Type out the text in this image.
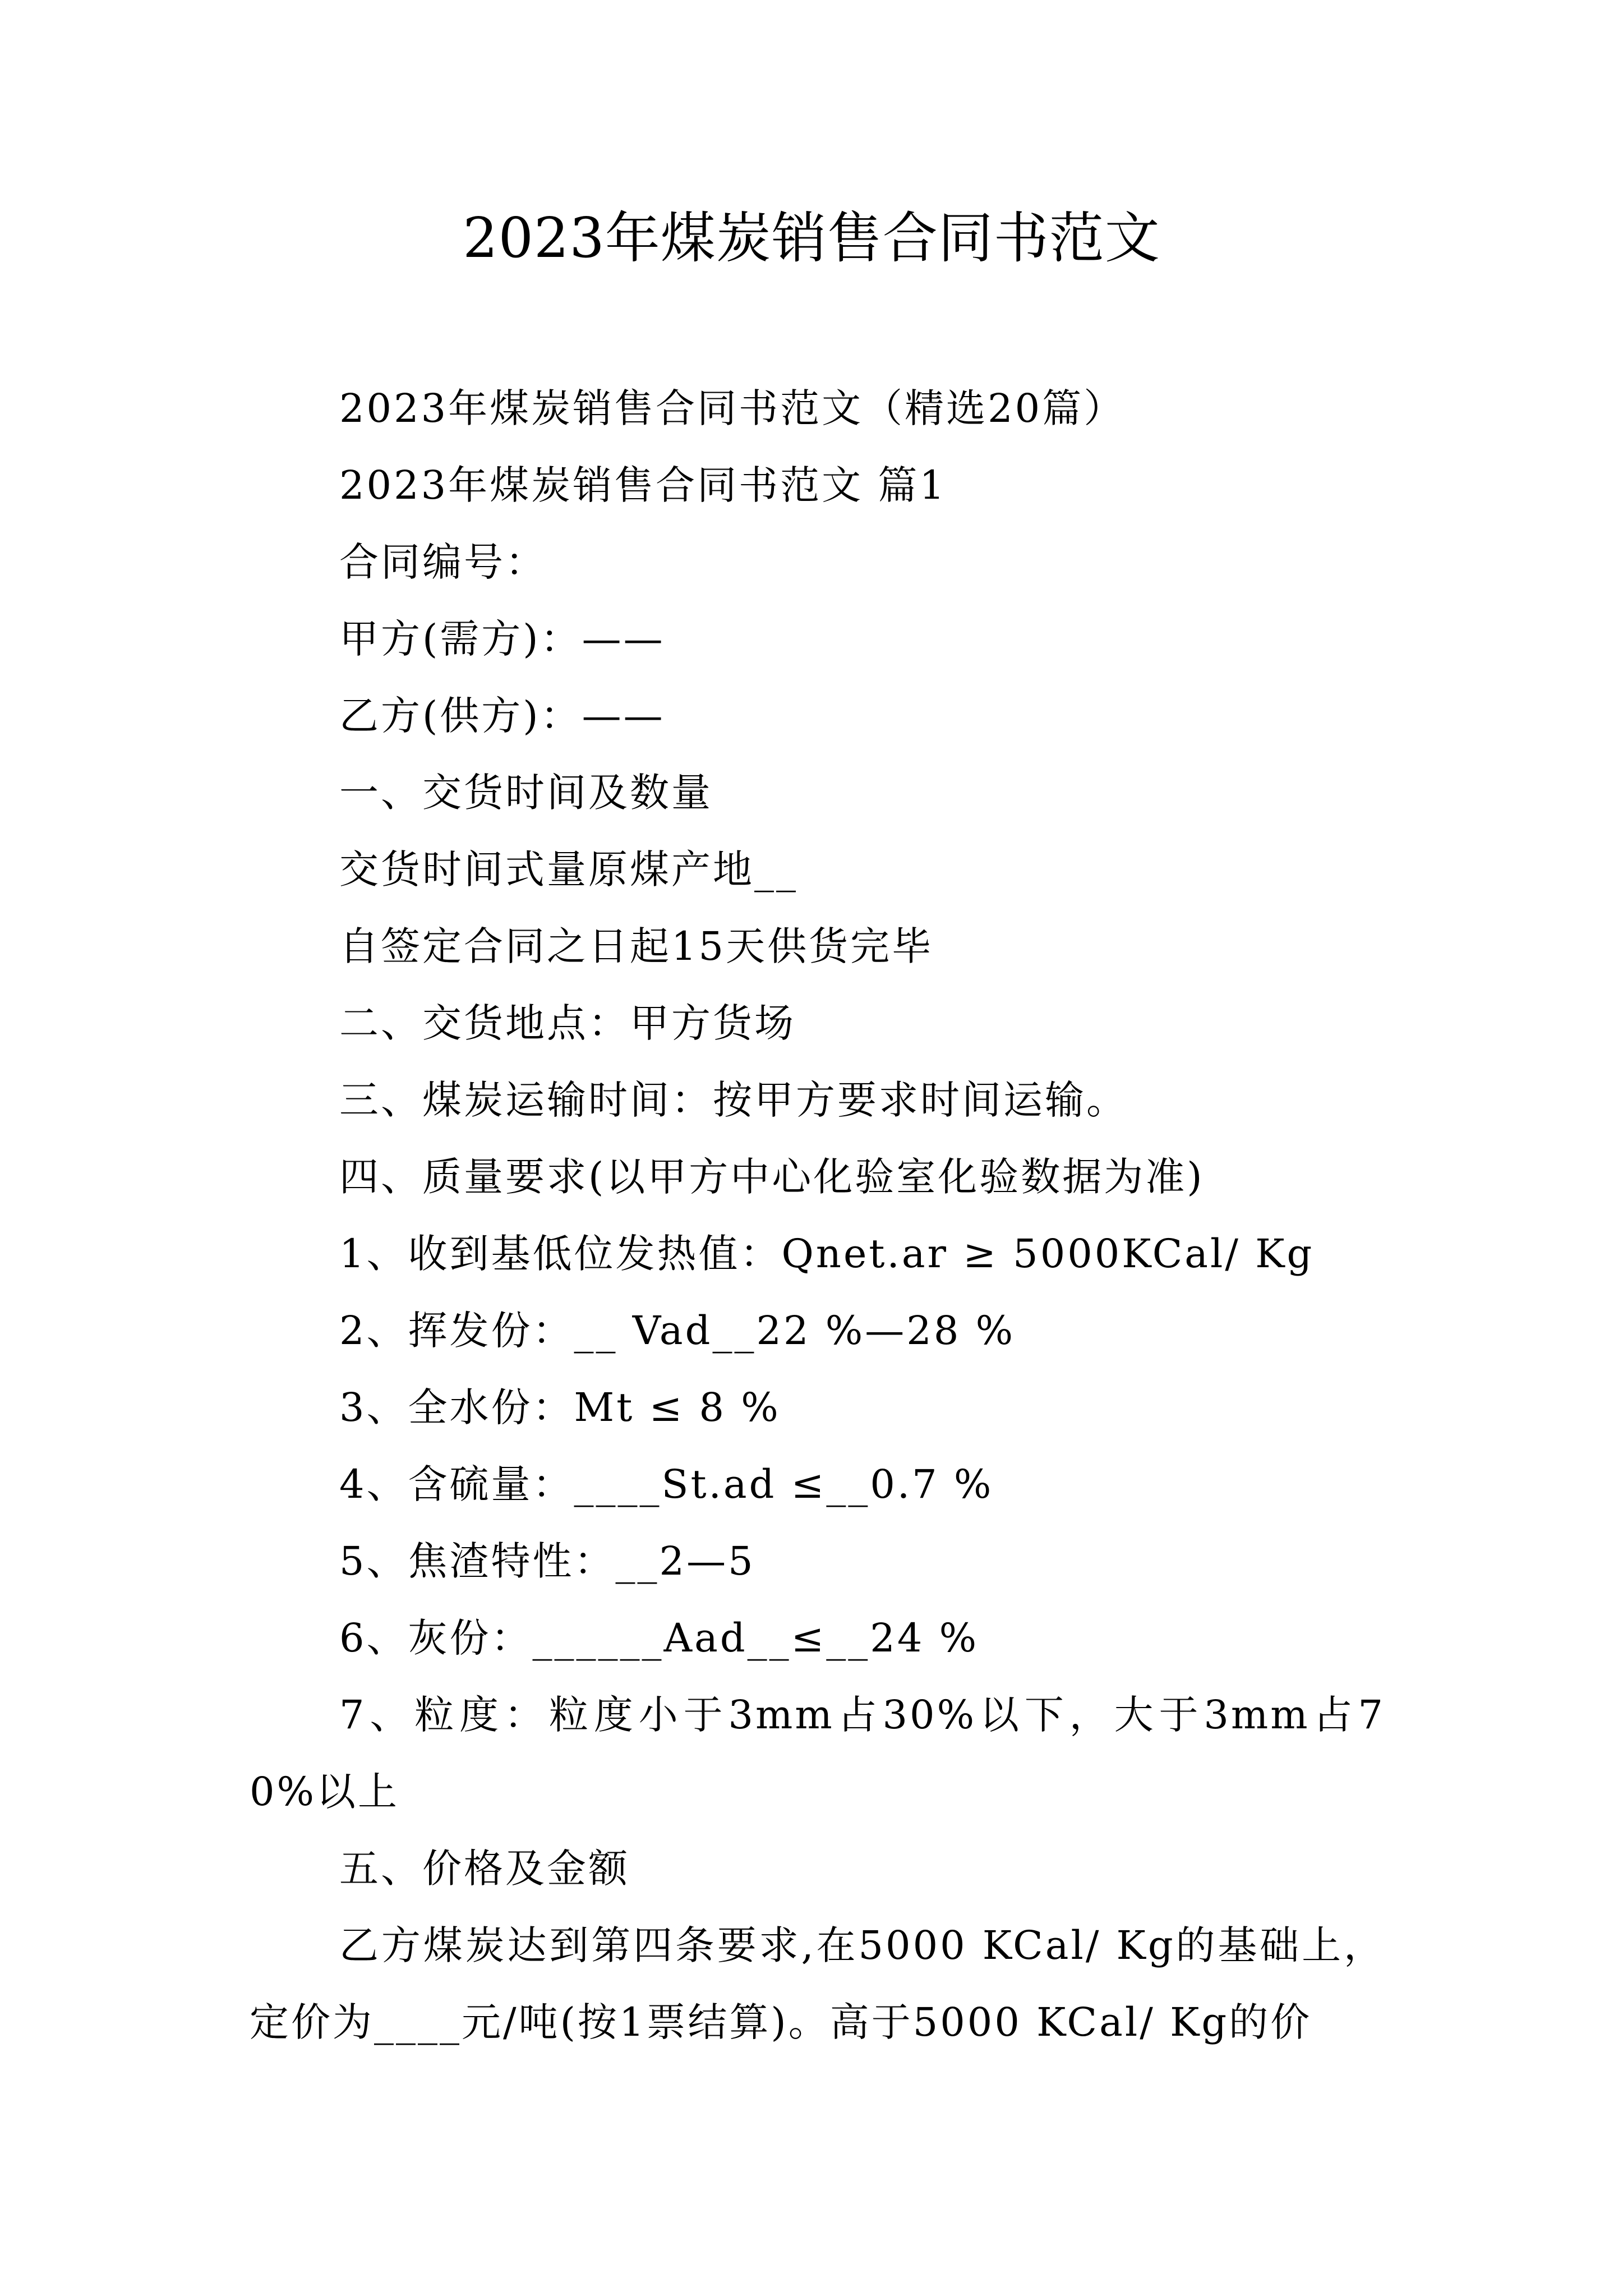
2023年煤炭销售合同书范文
2023年煤炭销售合同书范文（精选20篇）
2023年煤炭销售合同书范文 篇1
合同编号：
甲方(需方)：——
乙方(供方)：——
一、交货时间及数量
交货时间式量原煤产地__
自签定合同之日起15天供货完毕
二、交货地点：甲方货场
三、煤炭运输时间：按甲方要求时间运输。
四、质量要求(以甲方中心化验室化验数据为准)
1、收到基低位发热值：Qnet.ar ≥ 5000KCal/ Kg
2、挥发份：__ Vad__22 %—28 %
3、全水份：Mt ≤ 8 %
4、含硫量：____St.ad ≤__0.7 %
5、焦渣特性：__2—5
6、灰份：______Aad__≤__24 %
7、粒度：粒度小于3mm占30%以下，大于3mm占70%以上
五、价格及金额
乙方煤炭达到第四条要求,在5000 KCal/ Kg的基础上，定价为____元/吨(按1票结算)。高于5000 KCal/ Kg的价
